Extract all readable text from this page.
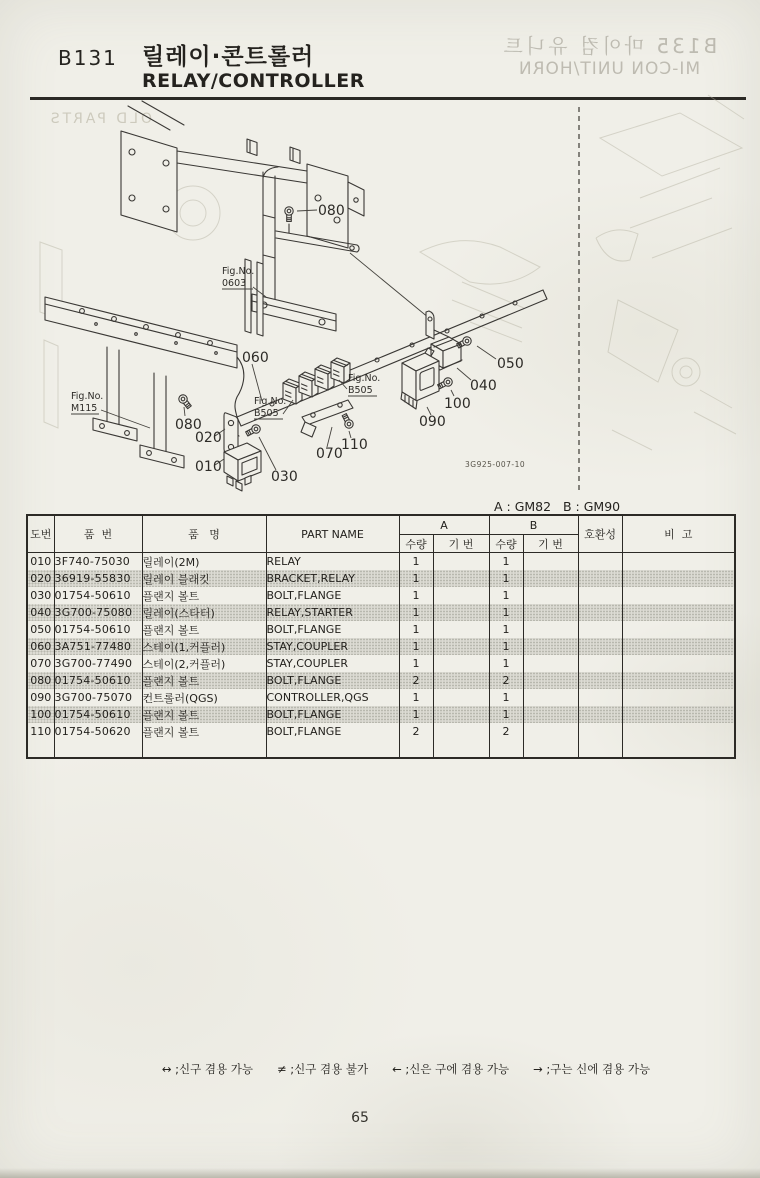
B131 릴레이·콘트롤러
RELAY/CONTROLLER
B135 마이컴 유니트
MI-CON UNIT/HORN
OLD PARTS
080
060
080
020
010
030
070
110
050
040
100
090
Fig.No.
0603
Fig.No.
M115
Fig.No.
B505
Fig.No.
B505
3G925-007-10
A : GM82   B : GM90
도번	품  번	품   명	PART NAME	A		B		호환성	비  고
				수량	기 번	수량	기 번		
010	3F740-75030	릴레이(2M)	RELAY	1		1			
020	36919-55830	릴레이 블래킷	BRACKET,RELAY	1		1			
030	01754-50610	플랜지 볼트	BOLT,FLANGE	1		1			
040	3G700-75080	릴레이(스타터)	RELAY,STARTER	1		1			
050	01754-50610	플랜지 볼트	BOLT,FLANGE	1		1			
060	3A751-77480	스테이(1,커플러)	STAY,COUPLER	1		1			
070	3G700-77490	스테이(2,커플러)	STAY,COUPLER	1		1			
080	01754-50610	플랜지 볼트	BOLT,FLANGE	2		2			
090	3G700-75070	컨트롤러(QGS)	CONTROLLER,QGS	1		1			
100	01754-50610	플랜지 볼트	BOLT,FLANGE	1		1			
110	01754-50620	플랜지 볼트	BOLT,FLANGE	2		2			

↔ ;신구 겸용 가능 ≠ ;신구 겸용 불가 ← ;신은 구에 겸용 가능 → ;구는 신에 겸용 가능
65
